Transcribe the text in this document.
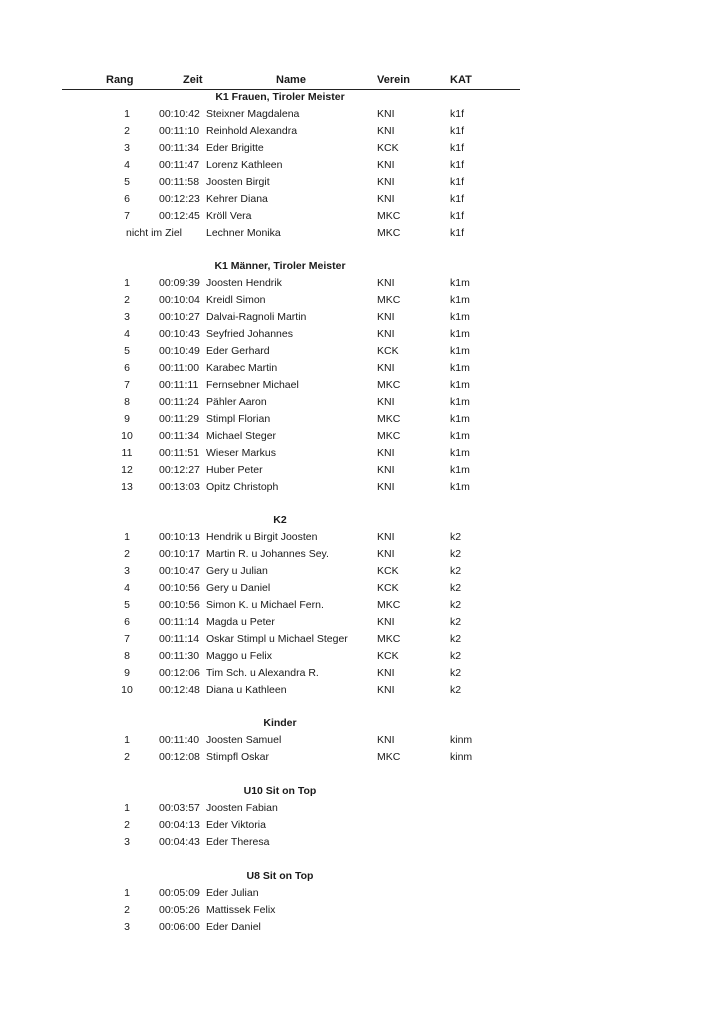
Rang	Zeit	Name	Verein	KAT
K1 Frauen, Tiroler Meister
1	00:10:42 Steixner Magdalena	KNI	k1f
2	00:11:10 Reinhold Alexandra	KNI	k1f
3	00:11:34 Eder Brigitte	KCK	k1f
4	00:11:47 Lorenz Kathleen	KNI	k1f
5	00:11:58 Joosten Birgit	KNI	k1f
6	00:12:23 Kehrer Diana	KNI	k1f
7	00:12:45 Kröll Vera	MKC	k1f
nicht im Ziel Lechner Monika	MKC	k1f
K1 Männer, Tiroler Meister
1	00:09:39 Joosten Hendrik	KNI	k1m
2	00:10:04 Kreidl Simon	MKC	k1m
3	00:10:27 Dalvai-Ragnoli Martin	KNI	k1m
4	00:10:43 Seyfried Johannes	KNI	k1m
5	00:10:49 Eder Gerhard	KCK	k1m
6	00:11:00 Karabec Martin	KNI	k1m
7	00:11:11 Fernsebner Michael	MKC	k1m
8	00:11:24 Pähler Aaron	KNI	k1m
9	00:11:29 Stimpl Florian	MKC	k1m
10	00:11:34 Michael Steger	MKC	k1m
11	00:11:51 Wieser Markus	KNI	k1m
12	00:12:27 Huber Peter	KNI	k1m
13	00:13:03 Opitz Christoph	KNI	k1m
K2
1	00:10:13 Hendrik u Birgit Joosten	KNI	k2
2	00:10:17 Martin R. u Johannes Sey.	KNI	k2
3	00:10:47 Gery u Julian	KCK	k2
4	00:10:56 Gery u Daniel	KCK	k2
5	00:10:56 Simon K. u Michael Fern.	MKC	k2
6	00:11:14 Magda u Peter	KNI	k2
7	00:11:14 Oskar Stimpl u Michael Steger	MKC	k2
8	00:11:30 Maggo u Felix	KCK	k2
9	00:12:06 Tim Sch. u Alexandra R.	KNI	k2
10	00:12:48 Diana u Kathleen	KNI	k2
Kinder
1	00:11:40 Joosten Samuel	KNI	kinm
2	00:12:08 Stimpfl Oskar	MKC	kinm
U10 Sit on Top
1	00:03:57 Joosten Fabian
2	00:04:13 Eder Viktoria
3	00:04:43 Eder Theresa
U8 Sit on Top
1	00:05:09 Eder Julian
2	00:05:26 Mattissek Felix
3	00:06:00 Eder Daniel
